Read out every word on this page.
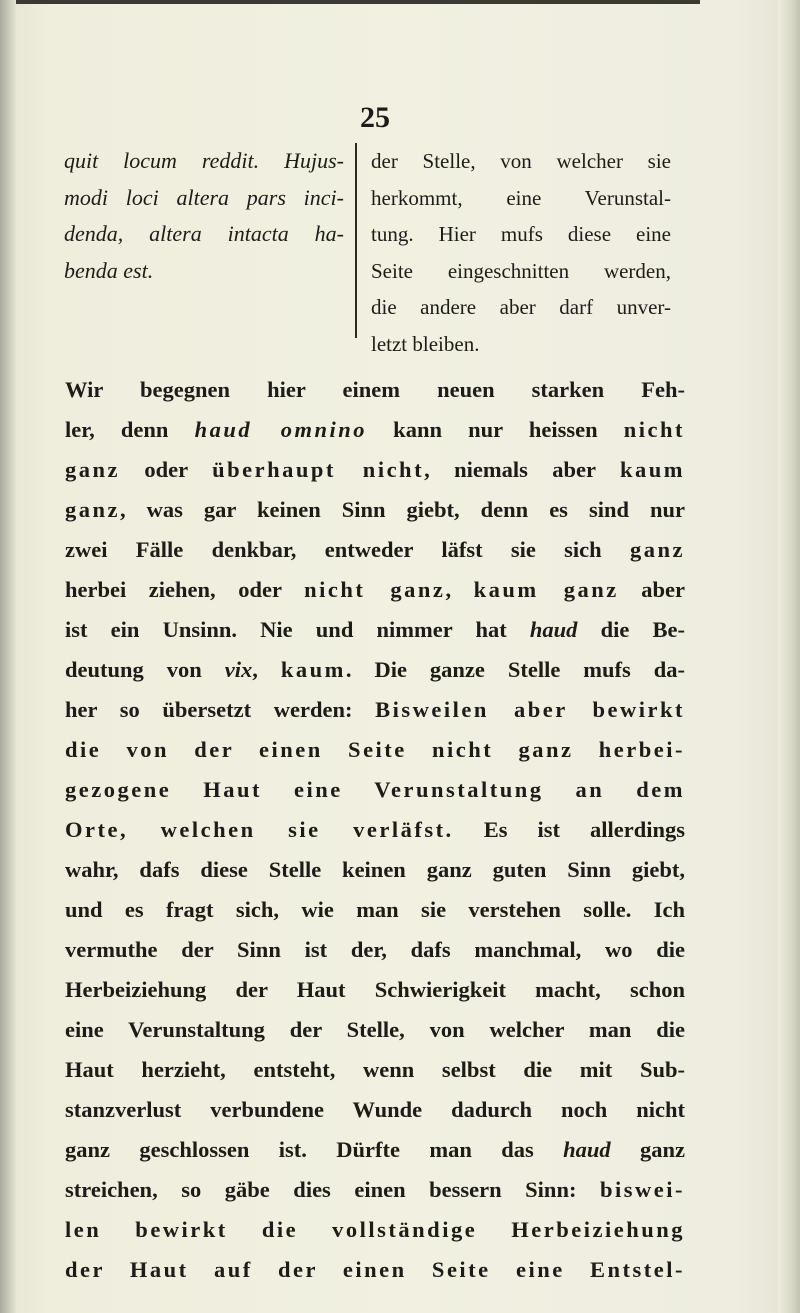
25
quit locum reddit. Hujus-
modi loci altera pars inci-
denda, altera intacta ha-
benda est.
der Stelle, von welcher sie
herkommt, eine Verunstal-
tung. Hier mufs diese eine
Seite eingeschnitten werden,
die andere aber darf unver-
letzt bleiben.
Wir begegnen hier einem neuen starken Feh-
ler, denn haud omnino kann nur heissen nicht
ganz oder überhaupt nicht, niemals aber kaum
ganz, was gar keinen Sinn giebt, denn es sind nur
zwei Fälle denkbar, entweder läfst sie sich ganz
herbei ziehen, oder nicht ganz, kaum ganz aber
ist ein Unsinn. Nie und nimmer hat haud die Be-
deutung von vix, kaum. Die ganze Stelle mufs da-
her so übersetzt werden: Bisweilen aber bewirkt
die von der einen Seite nicht ganz herbei-
gezogene Haut eine Verunstaltung an dem
Orte, welchen sie verläfst. Es ist allerdings
wahr, dafs diese Stelle keinen ganz guten Sinn giebt,
und es fragt sich, wie man sie verstehen solle. Ich
vermuthe der Sinn ist der, dafs manchmal, wo die
Herbeiziehung der Haut Schwierigkeit macht, schon
eine Verunstaltung der Stelle, von welcher man die
Haut herzieht, entsteht, wenn selbst die mit Sub-
stanzverlust verbundene Wunde dadurch noch nicht
ganz geschlossen ist. Dürfte man das haud ganz
streichen, so gäbe dies einen bessern Sinn: biswei-
len bewirkt die vollständige Herbeiziehung
der Haut auf der einen Seite eine Entstel-
